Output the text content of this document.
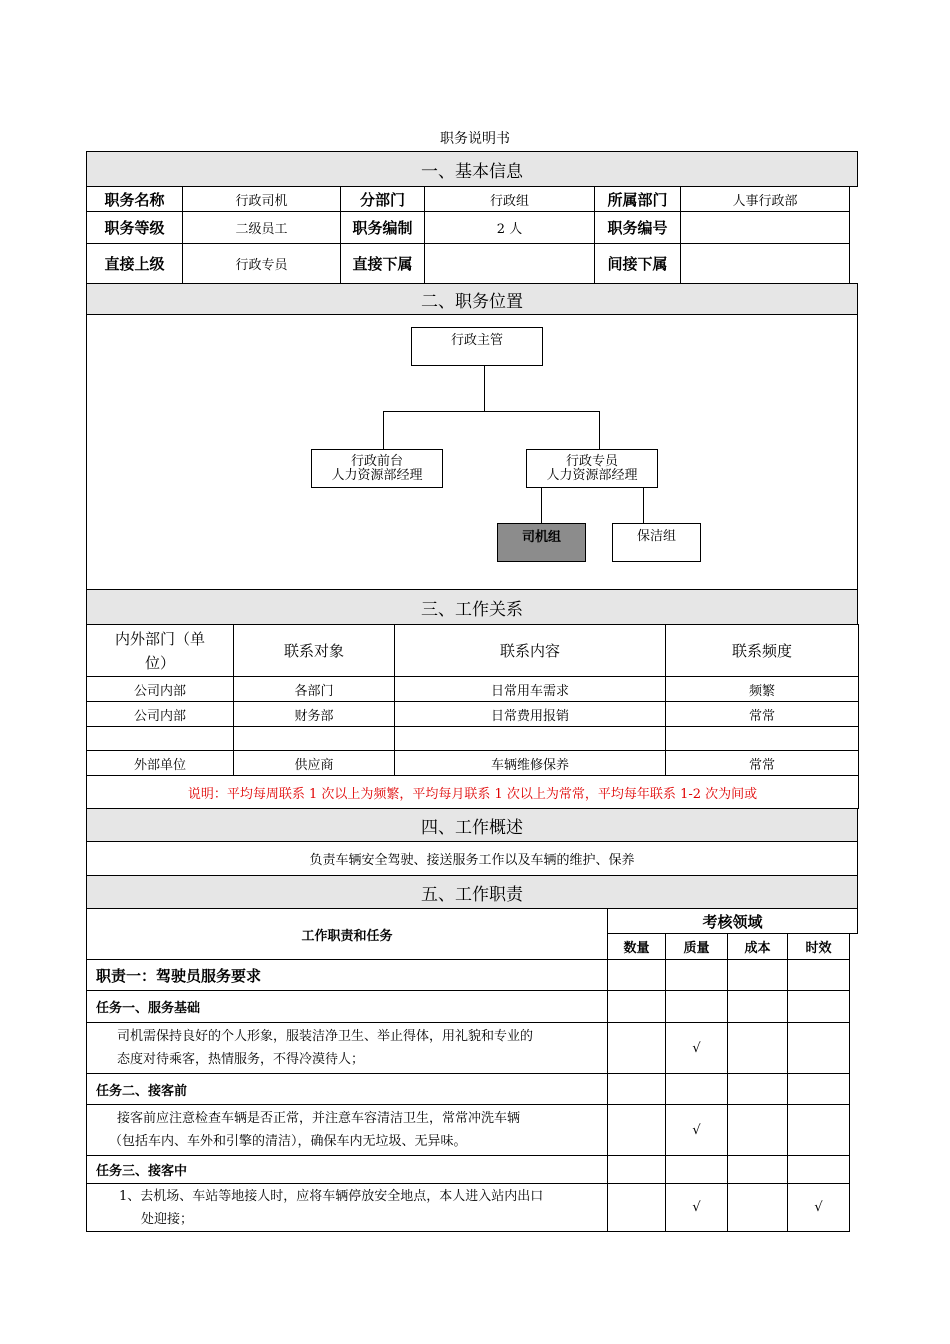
职务说明书
一、基本信息
职务名称	行政司机	分部门	行政组	所属部门	人事行政部
职务等级	二级员工	职务编制	2 人	职务编号	
直接上级	行政专员	直接下属		间接下属	
二、职务位置
行政主管
行政前台
人力资源部经理
行政专员
人力资源部经理
司机组	保洁组
三、工作关系
内外部门（单位）	联系对象	联系内容	联系频度
公司内部	各部门	日常用车需求	频繁
公司内部	财务部	日常费用报销	常常

外部单位	供应商	车辆维修保养	常常
说明：平均每周联系 1 次以上为频繁，平均每月联系 1 次以上为常常，平均每年联系 1-2 次为间或			
四、工作概述
负责车辆安全驾驶、接送服务工作以及车辆的维护、保养
五、工作职责
考核领域
工作职责和任务				
	数量	质量	成本	时效
职责一：驾驶员服务要求				
任务一、服务基础				

司机需保持良好的个人形象，服装洁净卫生、举止得体，用礼貌和专业的
态度对待乘客，热情服务，不得冷漠待人；		√		
任务二、接客前				

接客前应注意检查车辆是否正常，并注意车容清洁卫生，常常冲洗车辆
（包括车内、车外和引擎的清洁），确保车内无垃圾、无异味。		√		
任务三、接客中				

1、去机场、车站等地接人时，应将车辆停放安全地点，本人进入站内出口
处迎接；		√		√
